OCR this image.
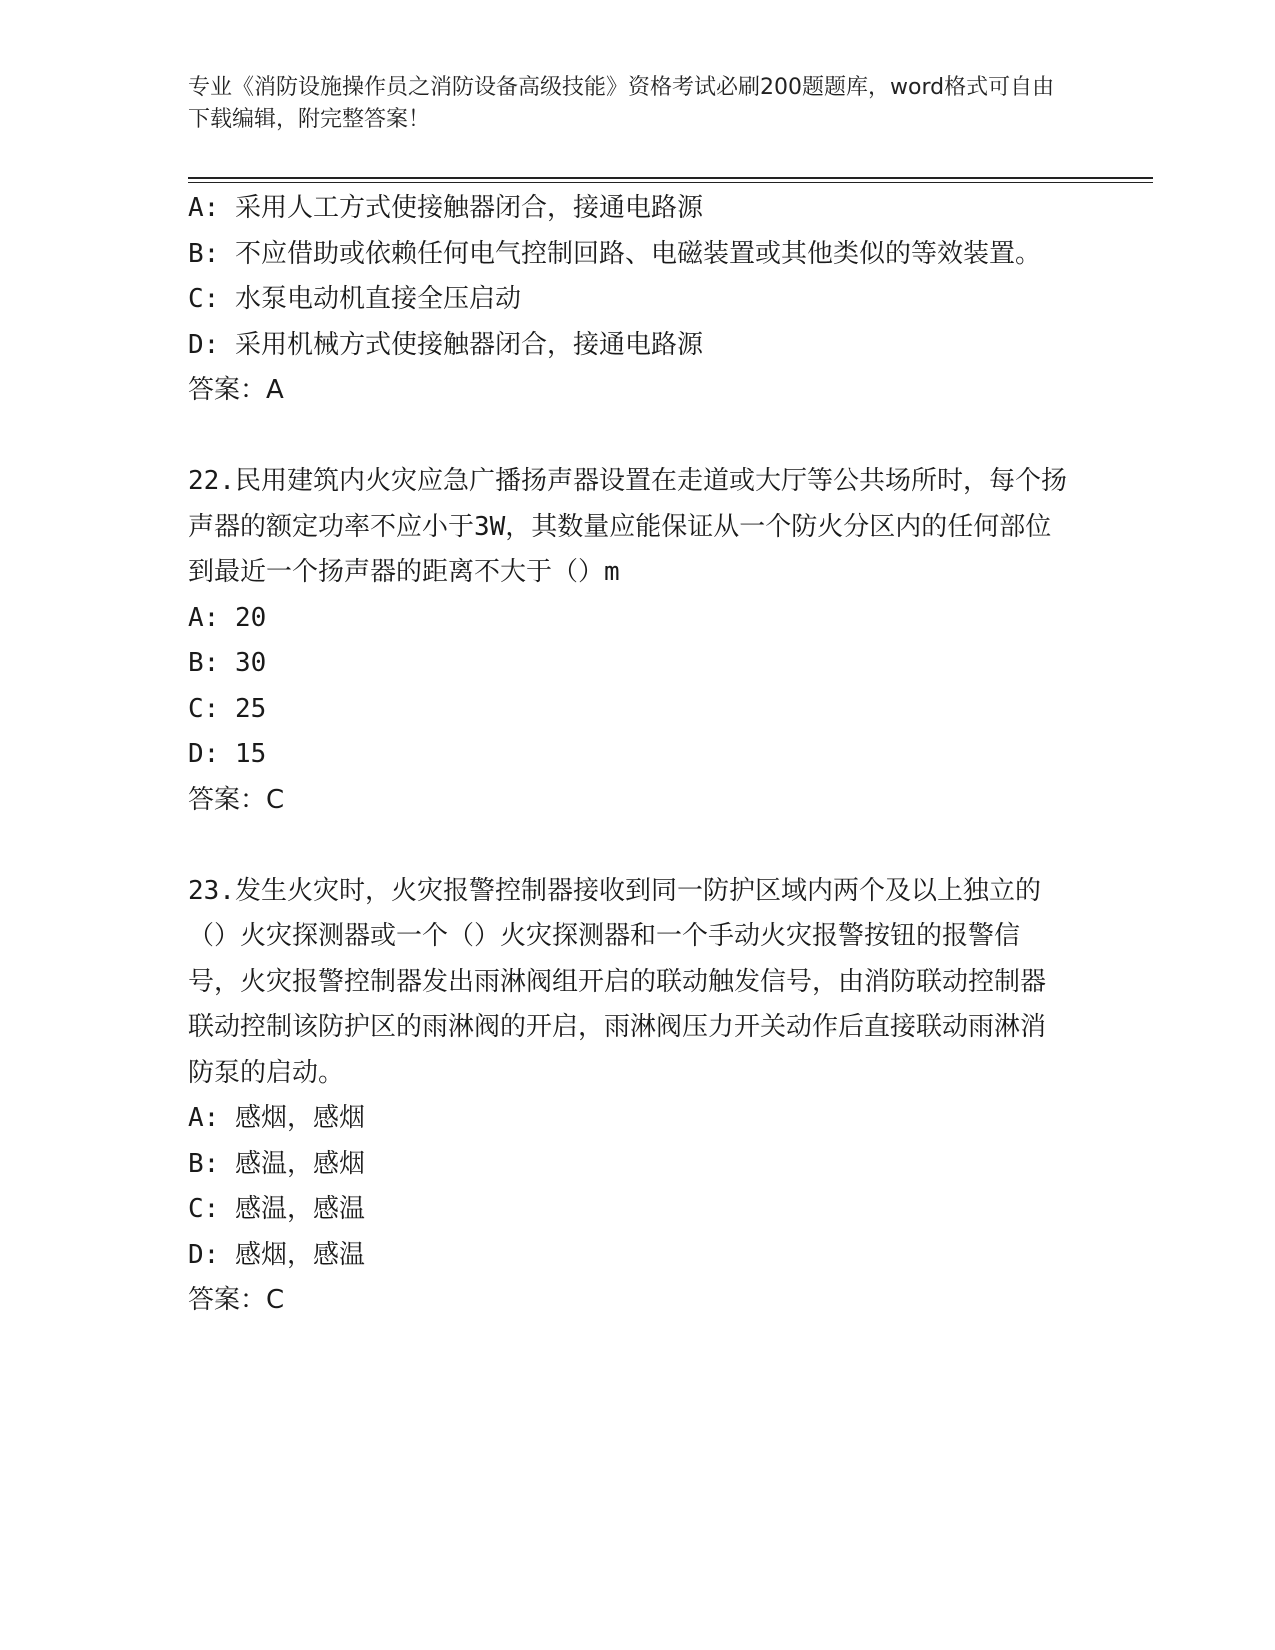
专业《消防设施操作员之消防设备高级技能》资格考试必刷200题题库，word格式可自由下载编辑，附完整答案！

A: 采用人工方式使接触器闭合，接通电路源

B: 不应借助或依赖任何电气控制回路、电磁装置或其他类似的等效装置。

C: 水泵电动机直接全压启动

D: 采用机械方式使接触器闭合，接通电路源

答案：A

22.民用建筑内火灾应急广播扬声器设置在走道或大厅等公共场所时，每个扬声器的额定功率不应小于3W，其数量应能保证从一个防火分区内的任何部位到最近一个扬声器的距离不大于（）m

A: 20

B: 30

C: 25

D: 15

答案：C

23.发生火灾时，火灾报警控制器接收到同一防护区域内两个及以上独立的（）火灾探测器或一个（）火灾探测器和一个手动火灾报警按钮的报警信号，火灾报警控制器发出雨淋阀组开启的联动触发信号，由消防联动控制器联动控制该防护区的雨淋阀的开启，雨淋阀压力开关动作后直接联动雨淋消防泵的启动。

A: 感烟，感烟

B: 感温，感烟

C: 感温，感温

D: 感烟，感温

答案：C
